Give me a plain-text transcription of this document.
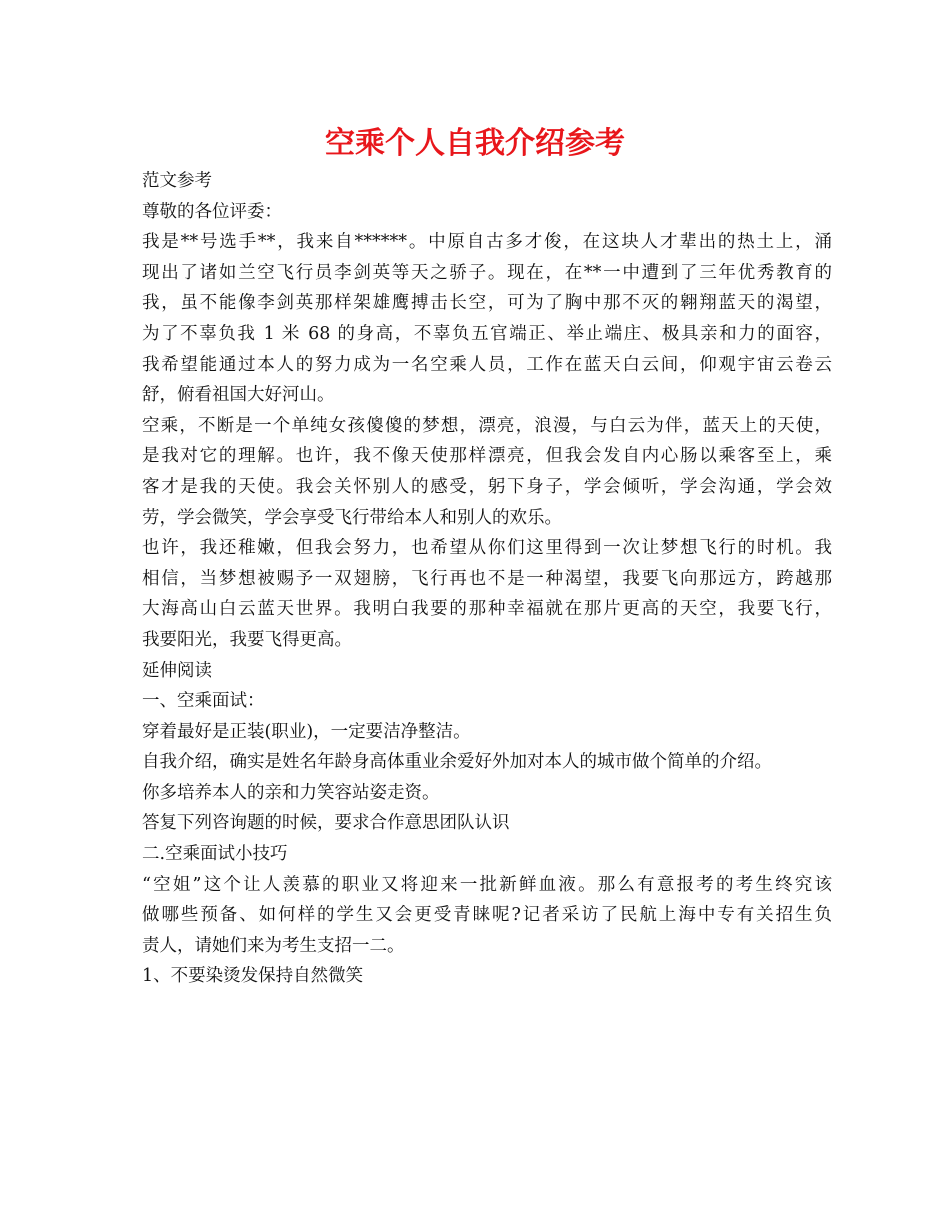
空乘个人自我介绍参考
范文参考
尊敬的各位评委：
我是**号选手**，我来自******。中原自古多才俊，在这块人才辈出的热土上，涌
现出了诸如兰空飞行员李剑英等天之骄子。现在，在**一中遭到了三年优秀教育的
我，虽不能像李剑英那样架雄鹰搏击长空，可为了胸中那不灭的翱翔蓝天的渴望，
为了不辜负我 1 米 68 的身高，不辜负五官端正、举止端庄、极具亲和力的面容，
我希望能通过本人的努力成为一名空乘人员，工作在蓝天白云间，仰观宇宙云卷云
舒，俯看祖国大好河山。
空乘，不断是一个单纯女孩傻傻的梦想，漂亮，浪漫，与白云为伴，蓝天上的天使，
是我对它的理解。也许，我不像天使那样漂亮，但我会发自内心肠以乘客至上，乘
客才是我的天使。我会关怀别人的感受，躬下身子，学会倾听，学会沟通，学会效
劳，学会微笑，学会享受飞行带给本人和别人的欢乐。
也许，我还稚嫩，但我会努力，也希望从你们这里得到一次让梦想飞行的时机。我
相信，当梦想被赐予一双翅膀，飞行再也不是一种渴望，我要飞向那远方，跨越那
大海高山白云蓝天世界。我明白我要的那种幸福就在那片更高的天空，我要飞行，
我要阳光，我要飞得更高。
延伸阅读
一、空乘面试：
穿着最好是正装(职业)，一定要洁净整洁。
自我介绍，确实是姓名年龄身高体重业余爱好外加对本人的城市做个简单的介绍。
你多培养本人的亲和力笑容站姿走资。
答复下列咨询题的时候，要求合作意思团队认识
二.空乘面试小技巧
“空姐”这个让人羡慕的职业又将迎来一批新鲜血液。那么有意报考的考生终究该
做哪些预备、如何样的学生又会更受青睐呢?记者采访了民航上海中专有关招生负
责人，请她们来为考生支招一二。
1、不要染烫发保持自然微笑
